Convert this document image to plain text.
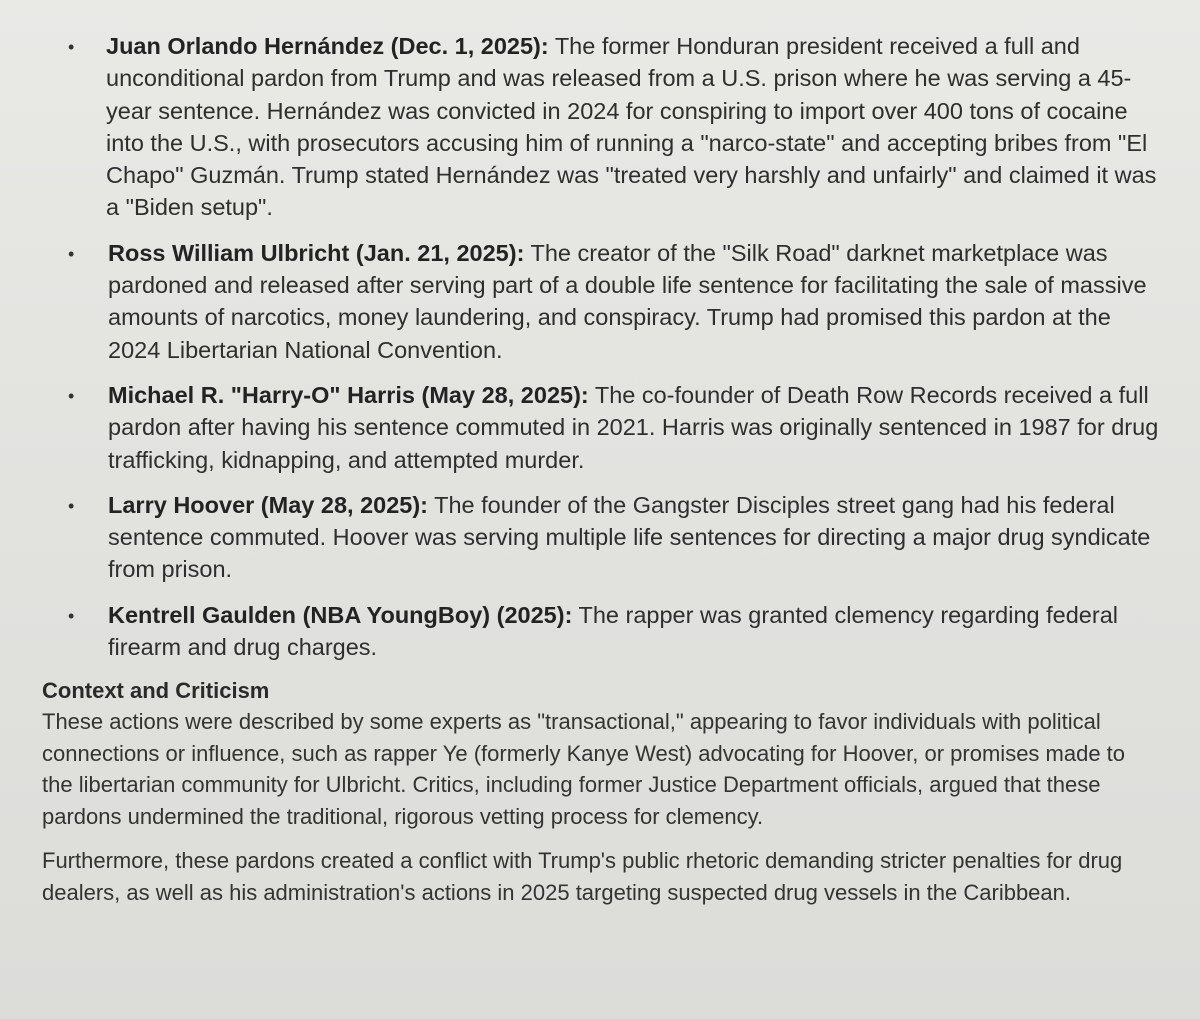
• Juan Orlando Hernández (Dec. 1, 2025): The former Honduran president received a full and unconditional pardon from Trump and was released from a U.S. prison where he was serving a 45-year sentence. Hernández was convicted in 2024 for conspiring to import over 400 tons of cocaine into the U.S., with prosecutors accusing him of running a "narco-state" and accepting bribes from "El Chapo" Guzmán. Trump stated Hernández was "treated very harshly and unfairly" and claimed it was a "Biden setup".
• Ross William Ulbricht (Jan. 21, 2025): The creator of the "Silk Road" darknet marketplace was pardoned and released after serving part of a double life sentence for facilitating the sale of massive amounts of narcotics, money laundering, and conspiracy. Trump had promised this pardon at the 2024 Libertarian National Convention.
• Michael R. "Harry-O" Harris (May 28, 2025): The co-founder of Death Row Records received a full pardon after having his sentence commuted in 2021. Harris was originally sentenced in 1987 for drug trafficking, kidnapping, and attempted murder.
• Larry Hoover (May 28, 2025): The founder of the Gangster Disciples street gang had his federal sentence commuted. Hoover was serving multiple life sentences for directing a major drug syndicate from prison.
• Kentrell Gaulden (NBA YoungBoy) (2025): The rapper was granted clemency regarding federal firearm and drug charges.
Context and Criticism

These actions were described by some experts as "transactional," appearing to favor individuals with political connections or influence, such as rapper Ye (formerly Kanye West) advocating for Hoover, or promises made to the libertarian community for Ulbricht. Critics, including former Justice Department officials, argued that these pardons undermined the traditional, rigorous vetting process for clemency.

Furthermore, these pardons created a conflict with Trump's public rhetoric demanding stricter penalties for drug dealers, as well as his administration's actions in 2025 targeting suspected drug vessels in the Caribbean.
